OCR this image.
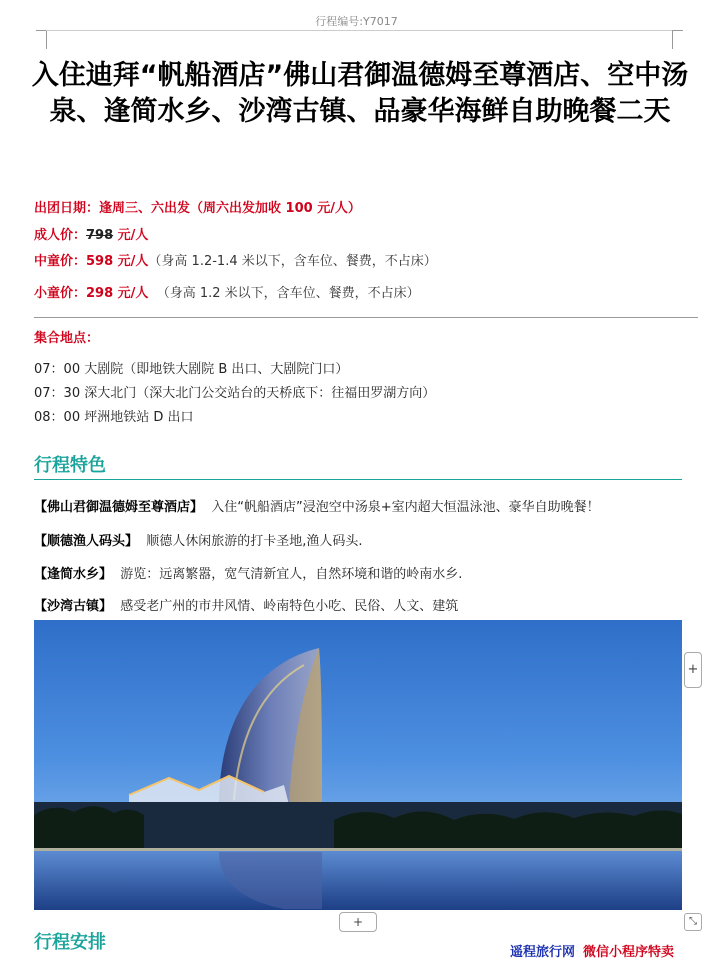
行程编号:Y7017
入住迪拜“帆船酒店”佛山君御温德姆至尊酒店、空中汤泉、逢简水乡、沙湾古镇、品豪华海鲜自助晚餐二天
出团日期：逢周三、六出发（周六出发加收 100 元/人）
成人价：798 元/人
中童价：598 元/人（身高 1.2-1.4 米以下，含车位、餐费，不占床）
小童价：298 元/人 （身高 1.2 米以下，含车位、餐费，不占床）
集合地点：
07：00 大剧院（即地铁大剧院 B 出口、大剧院门口）
07：30 深大北门（深大北门公交站台的天桥底下：往福田罗湖方向）
08：00 坪洲地铁站 D 出口
行程特色
【佛山君御温德姆至尊酒店】 入住“帆船酒店”浸泡空中汤泉+室内超大恒温泳池、豪华自助晚餐！
【顺德渔人码头】 顺德人休闲旅游的打卡圣地,渔人码头.
【逢简水乡】 游览：远离繁嚣，宽气清新宜人，自然环境和谐的岭南水乡.
【沙湾古镇】 感受老广州的市井风情、岭南特色小吃、民俗、人文、建筑
+
+	⤡
行程安排	遥程旅行网 微信小程序特卖
